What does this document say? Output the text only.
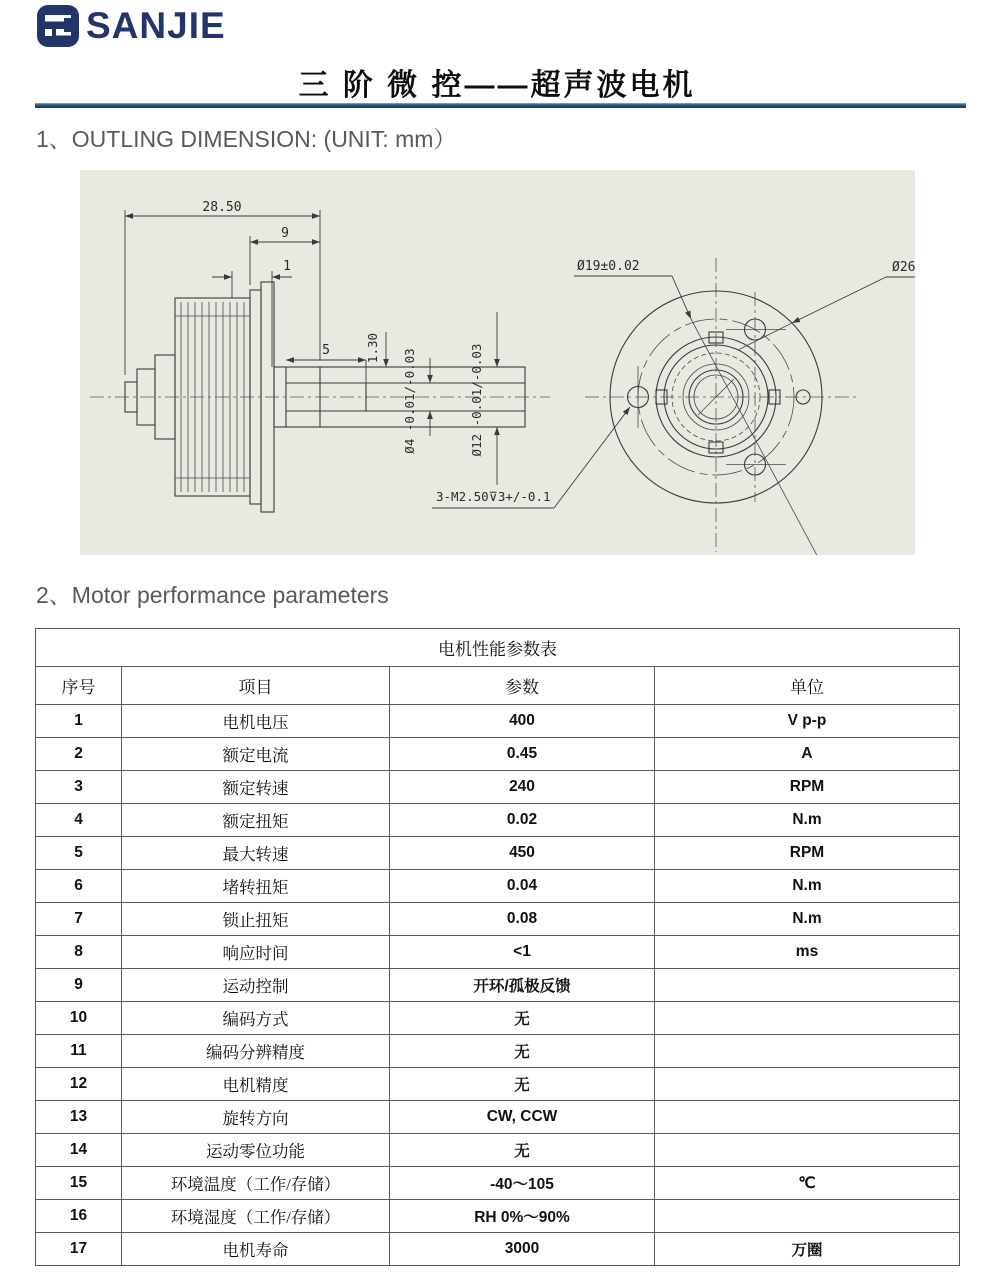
SANJIE
三 阶 微 控——超声波电机
1、OUTLING DIMENSION: (UNIT: mm）
28.50
9
1
5	1.30
Ø4 -0.01/-0.03	Ø12 -0.01/-0.03
Ø19±0.02	Ø26
3-M2.50⊽3+/-0.1
2、Motor performance parameters
电机性能参数表			
序号	项目	参数	单位
1	电机电压	400	V p-p
2	额定电流	0.45	A
3	额定转速	240	RPM
4	额定扭矩	0.02	N.m
5	最大转速	450	RPM
6	堵转扭矩	0.04	N.m
7	锁止扭矩	0.08	N.m
8	响应时间	<1	ms
9	运动控制	开环/孤极反馈	
10	编码方式	无	
11	编码分辨精度	无	
12	电机精度	无	
13	旋转方向	CW, CCW	
14	运动零位功能	无	
15	环境温度（工作/存储）	-40～105	℃
16	环境湿度（工作/存储）	RH 0%～90%	
17	电机寿命	3000	万圈
